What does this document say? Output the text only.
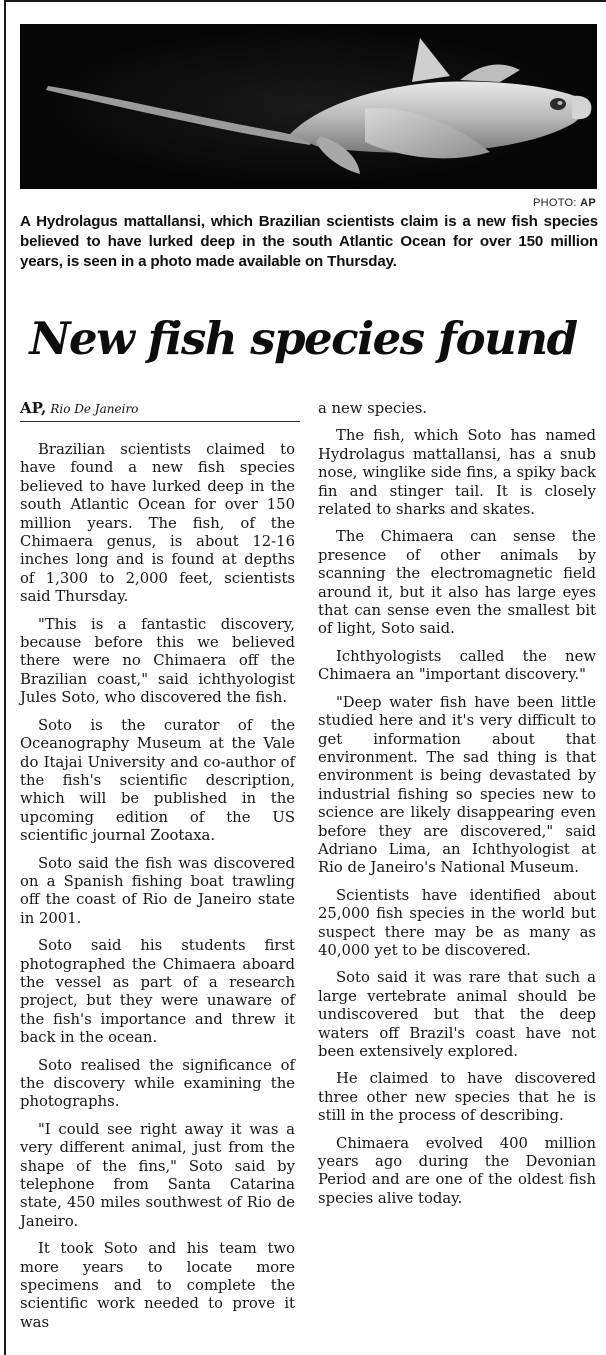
PHOTO: AP
A Hydrolagus mattallansi, which Brazilian scientists claim is a new fish species believed to have lurked deep in the south Atlantic Ocean for over 150 million years, is seen in a photo made available on Thursday.
New fish species found
AP, Rio De Janeiro

Brazilian scientists claimed to have found a new fish species believed to have lurked deep in the south Atlantic Ocean for over 150 million years. The fish, of the Chimaera genus, is about 12-16 inches long and is found at depths of 1,300 to 2,000 feet, scientists said Thursday.

"This is a fantastic discovery, because before this we believed there were no Chimaera off the Brazilian coast," said ichthyologist Jules Soto, who discovered the fish.

Soto is the curator of the Oceanography Museum at the Vale do Itajai University and co-author of the fish's scientific description, which will be published in the upcoming edition of the US scientific journal Zootaxa.

Soto said the fish was discovered on a Spanish fishing boat trawling off the coast of Rio de Janeiro state in 2001.

Soto said his students first photographed the Chimaera aboard the vessel as part of a research project, but they were unaware of the fish's importance and threw it back in the ocean.

Soto realised the significance of the discovery while examining the photographs.

"I could see right away it was a very different animal, just from the shape of the fins," Soto said by telephone from Santa Catarina state, 450 miles southwest of Rio de Janeiro.

It took Soto and his team two more years to locate more specimens and to complete the scientific work needed to prove it was

a new species.

The fish, which Soto has named Hydrolagus mattallansi, has a snub nose, winglike side fins, a spiky back fin and stinger tail. It is closely related to sharks and skates.

The Chimaera can sense the presence of other animals by scanning the electromagnetic field around it, but it also has large eyes that can sense even the smallest bit of light, Soto said.

Ichthyologists called the new Chimaera an "important discovery."

"Deep water fish have been little studied here and it's very difficult to get information about that environment. The sad thing is that environment is being devastated by industrial fishing so species new to science are likely disappearing even before they are discovered," said Adriano Lima, an Ichthyologist at Rio de Janeiro's National Museum.

Scientists have identified about 25,000 fish species in the world but suspect there may be as many as 40,000 yet to be discovered.

Soto said it was rare that such a large vertebrate animal should be undiscovered but that the deep waters off Brazil's coast have not been extensively explored.

He claimed to have discovered three other new species that he is still in the process of describing.

Chimaera evolved 400 million years ago during the Devonian Period and are one of the oldest fish species alive today.
